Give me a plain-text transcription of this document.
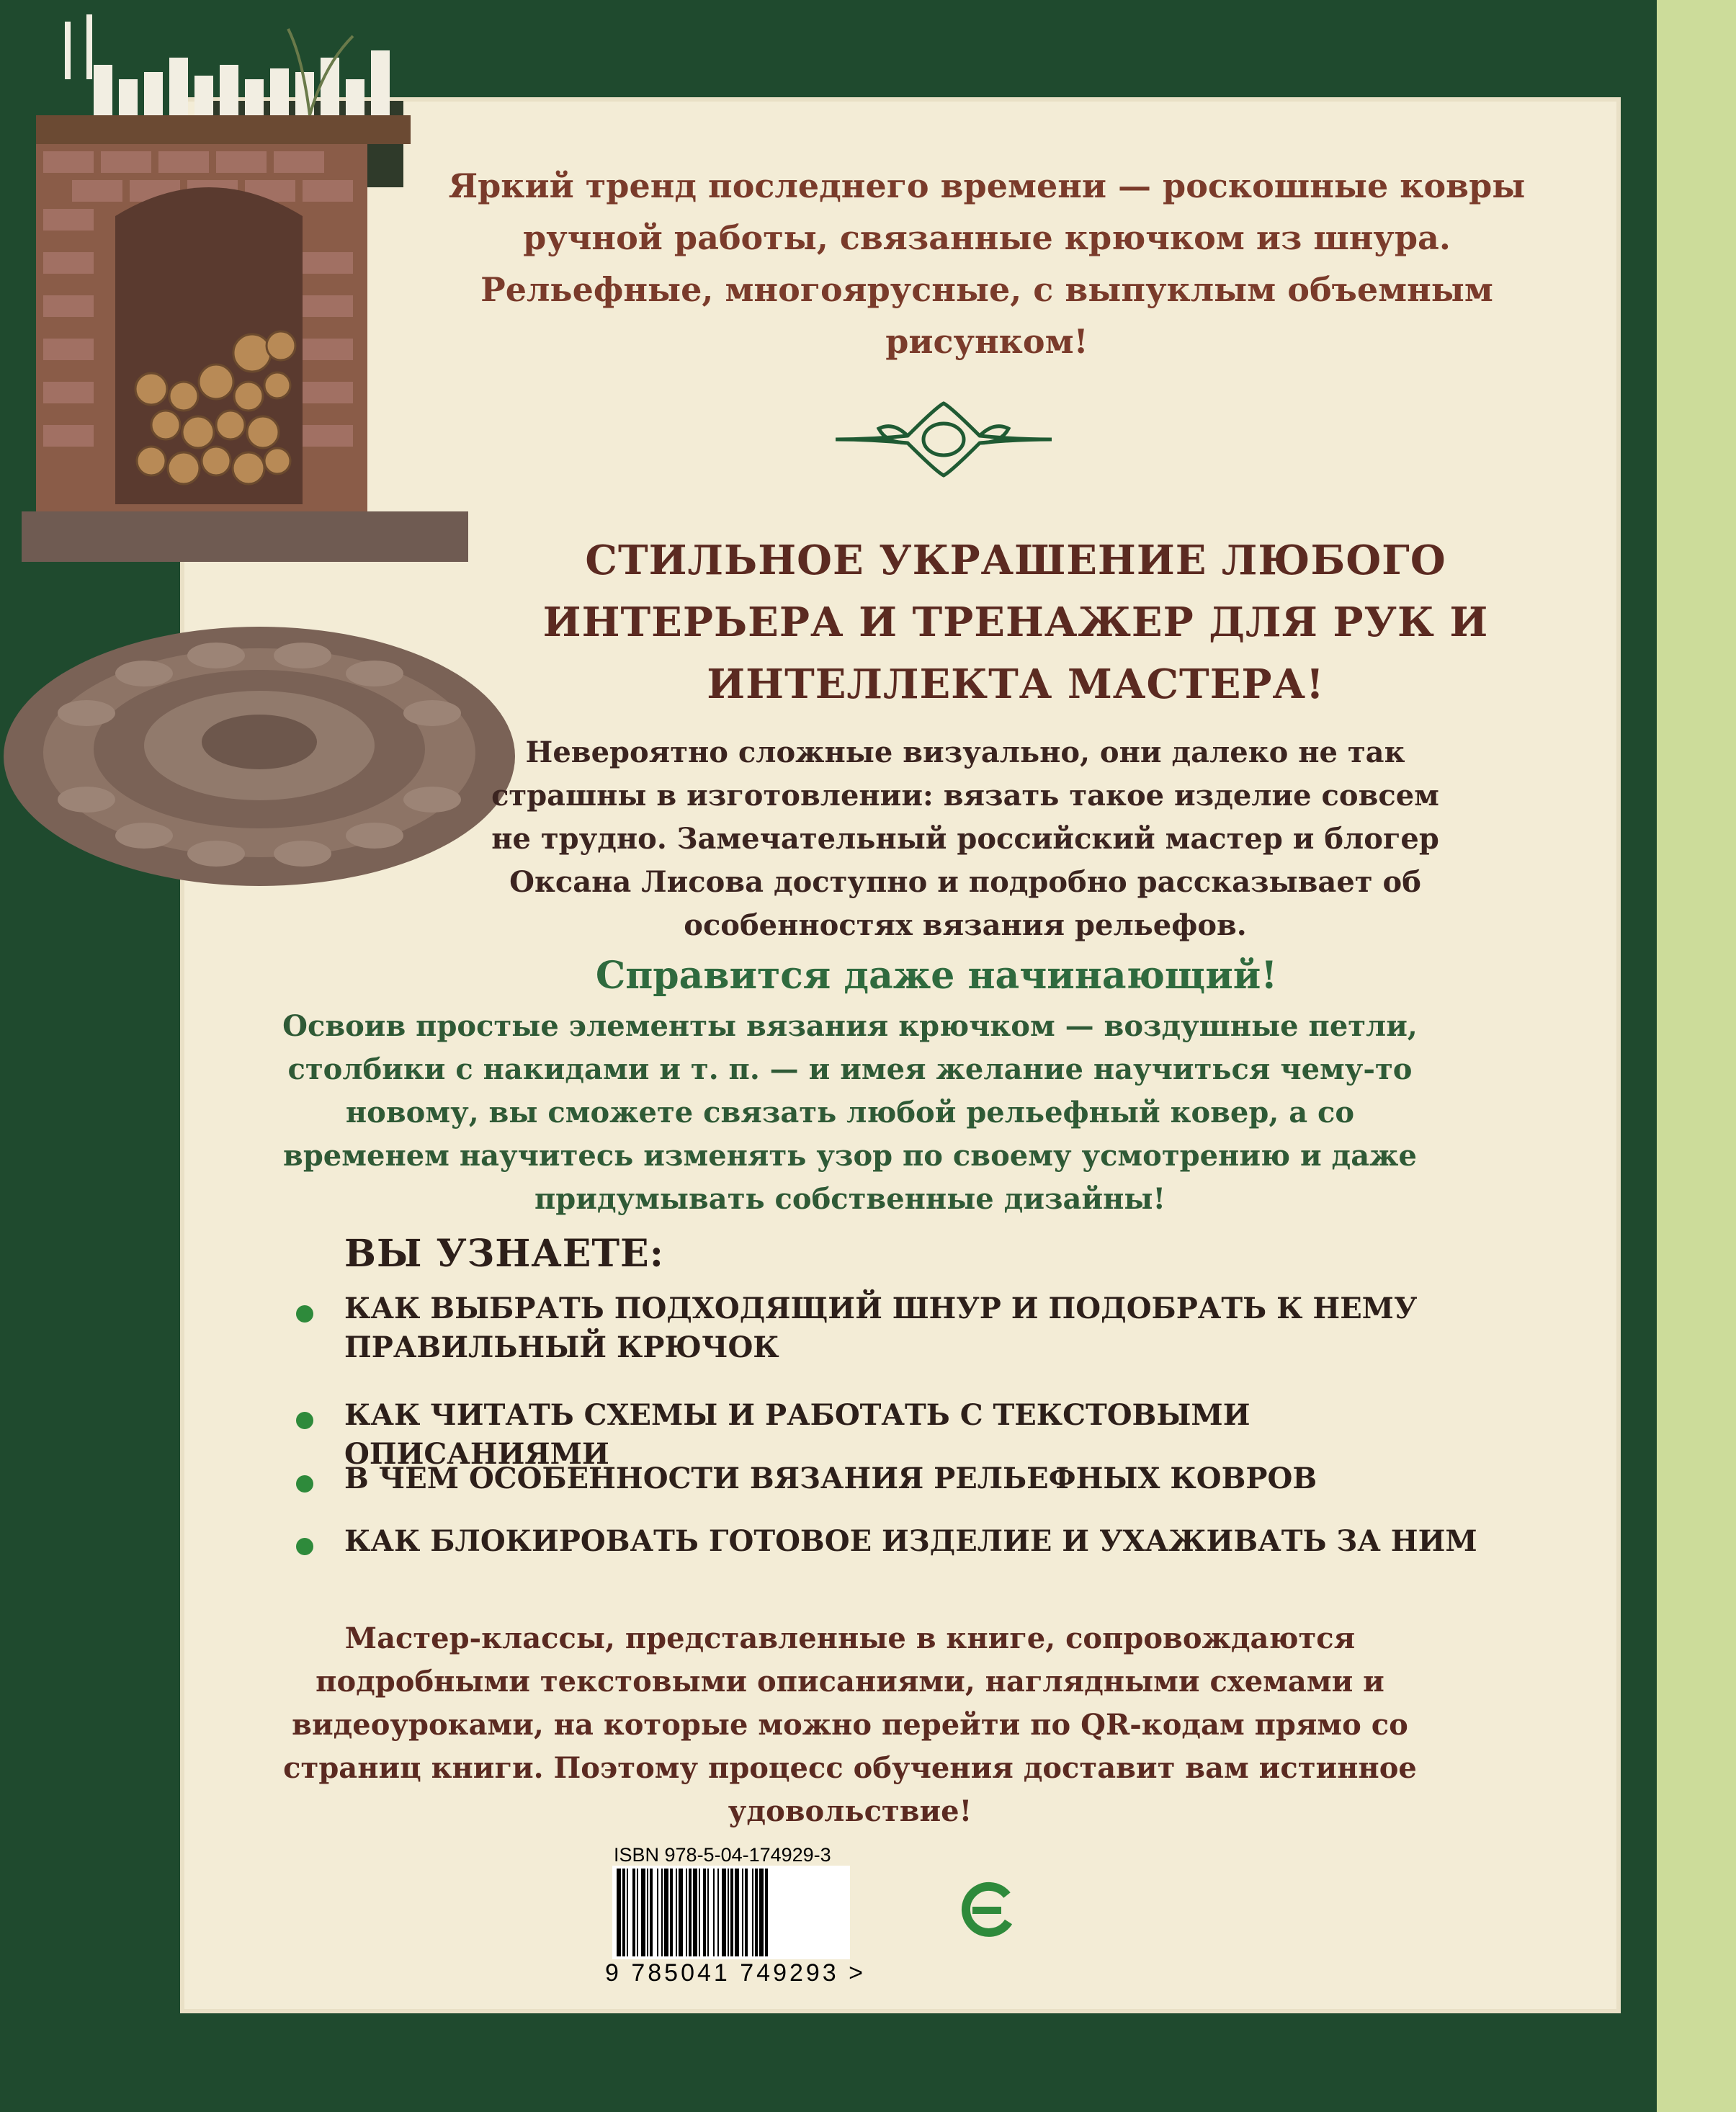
Яркий тренд последнего времени — роскошные ковры ручной работы, связанные крючком из шнура. Рельефные, многоярусные, с выпуклым объемным рисунком!
СТИЛЬНОЕ УКРАШЕНИЕ ЛЮБОГО ИНТЕРЬЕРА И ТРЕНАЖЕР ДЛЯ РУК И ИНТЕЛЛЕКТА МАСТЕРА!
Невероятно сложные визуально, они далеко не так страшны в изготовлении: вязать такое изделие совсем не трудно. Замечательный российский мастер и блогер Оксана Лисова доступно и подробно рассказывает об особенностях вязания рельефов.
Справится даже начинающий!
Освоив простые элементы вязания крючком — воздушные петли, столбики с накидами и т. п. — и имея желание научиться чему-то новому, вы сможете связать любой рельефный ковер, а со временем научитесь изменять узор по своему усмотрению и даже придумывать собственные дизайны!
ВЫ УЗНАЕТЕ:
КАК ВЫБРАТЬ ПОДХОДЯЩИЙ ШНУР И ПОДОБРАТЬ К НЕМУ ПРАВИЛЬНЫЙ КРЮЧОК
КАК ЧИТАТЬ СХЕМЫ И РАБОТАТЬ С ТЕКСТОВЫМИ ОПИСАНИЯМИ
В ЧЕМ ОСОБЕННОСТИ ВЯЗАНИЯ РЕЛЬЕФНЫХ КОВРОВ
КАК БЛОКИРОВАТЬ ГОТОВОЕ ИЗДЕЛИЕ И УХАЖИВАТЬ ЗА НИМ
Мастер-классы, представленные в книге, сопровождаются подробными текстовыми описаниями, наглядными схемами и видеоуроками, на которые можно перейти по QR-кодам прямо со страниц книги. Поэтому процесс обучения доставит вам истинное удовольствие!
ISBN 978-5-04-174929-3
9 785041 749293 >
